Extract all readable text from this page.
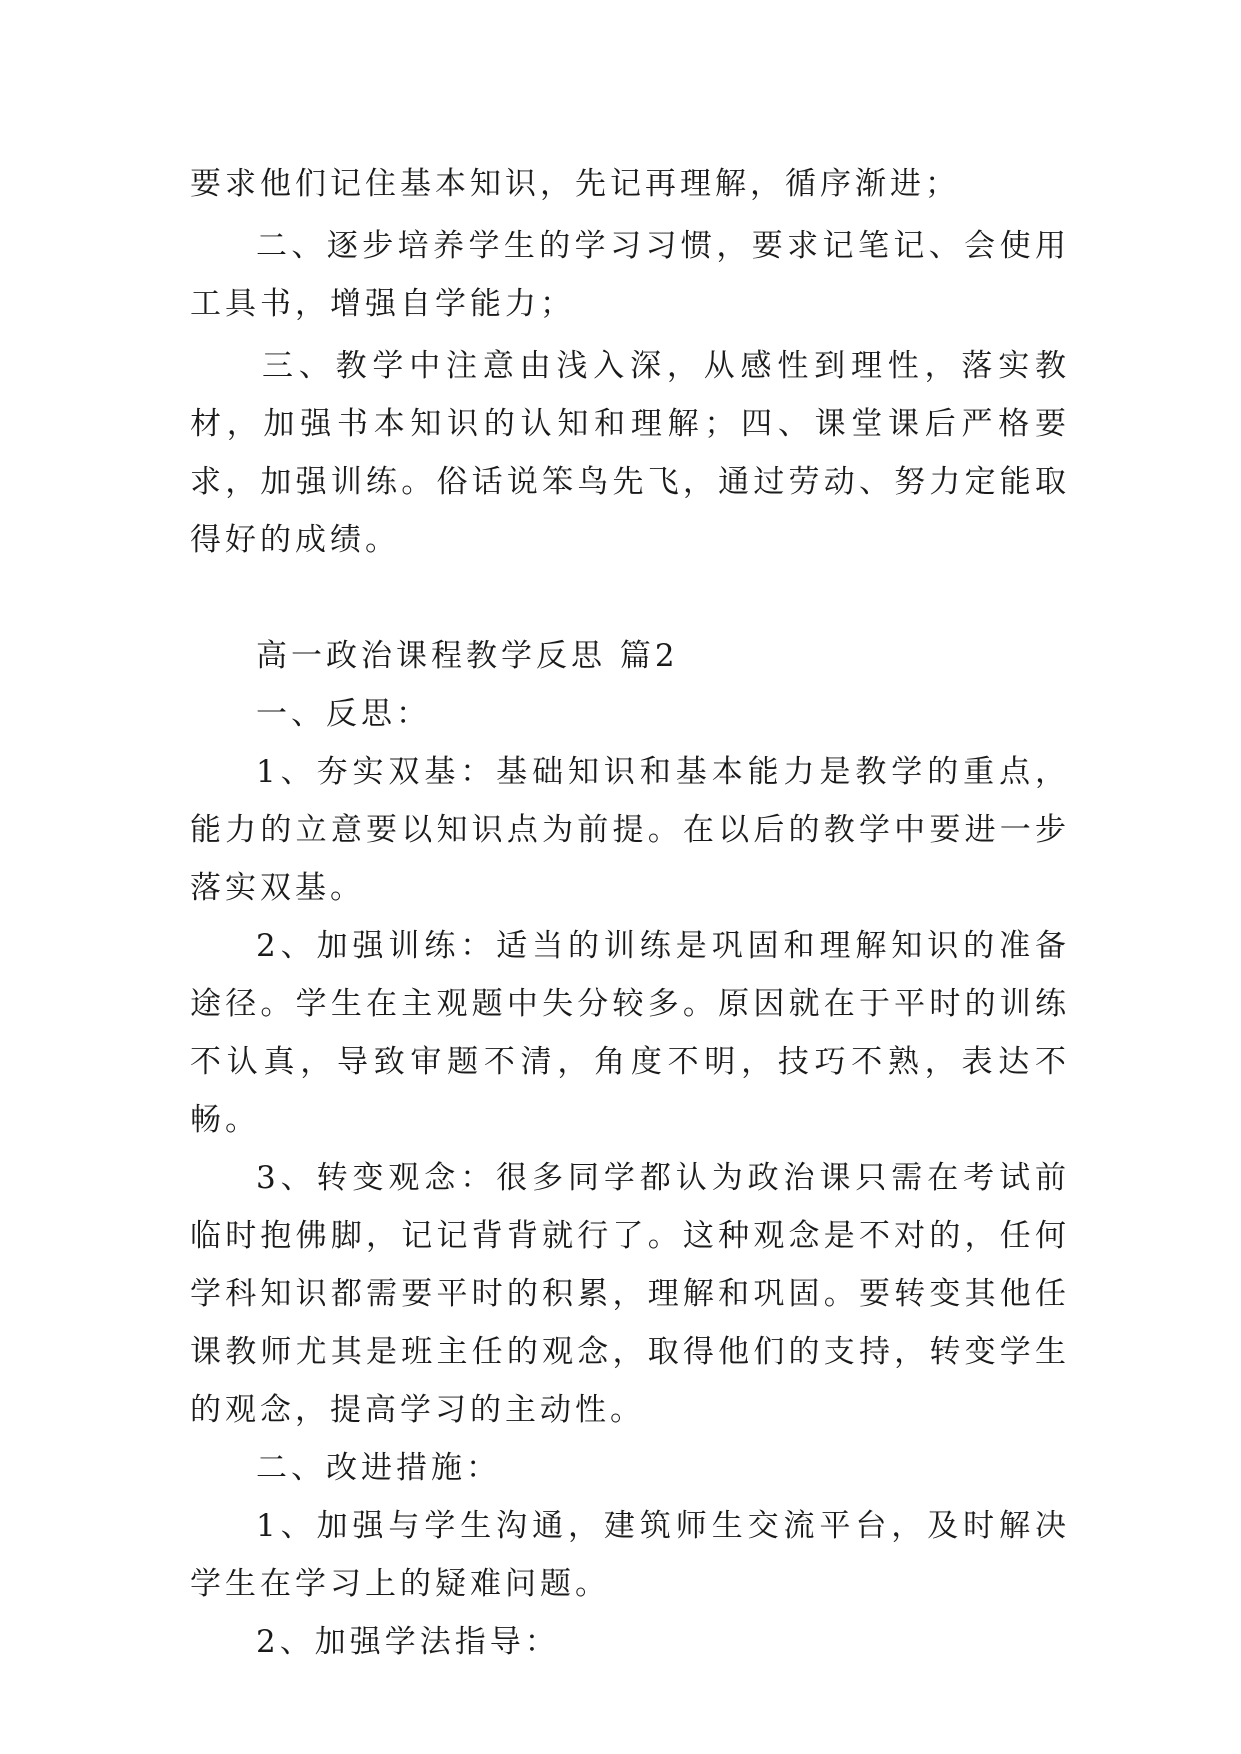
要求他们记住基本知识，先记再理解，循序渐进；

二、逐步培养学生的学习习惯，要求记笔记、会使用工具书，增强自学能力；

三、教学中注意由浅入深，从感性到理性，落实教材，加强书本知识的认知和理解；四、课堂课后严格要求，加强训练。俗话说笨鸟先飞，通过劳动、努力定能取得好的成绩。

高一政治课程教学反思 篇2

一、反思：

1、夯实双基：基础知识和基本能力是教学的重点，能力的立意要以知识点为前提。在以后的教学中要进一步落实双基。

2、加强训练：适当的训练是巩固和理解知识的准备途径。学生在主观题中失分较多。原因就在于平时的训练不认真，导致审题不清，角度不明，技巧不熟，表达不畅。

3、转变观念：很多同学都认为政治课只需在考试前临时抱佛脚，记记背背就行了。这种观念是不对的，任何学科知识都需要平时的积累，理解和巩固。要转变其他任课教师尤其是班主任的观念，取得他们的支持，转变学生的观念，提高学习的主动性。

二、改进措施：

1、加强与学生沟通，建筑师生交流平台，及时解决学生在学习上的疑难问题。

2、加强学法指导：
